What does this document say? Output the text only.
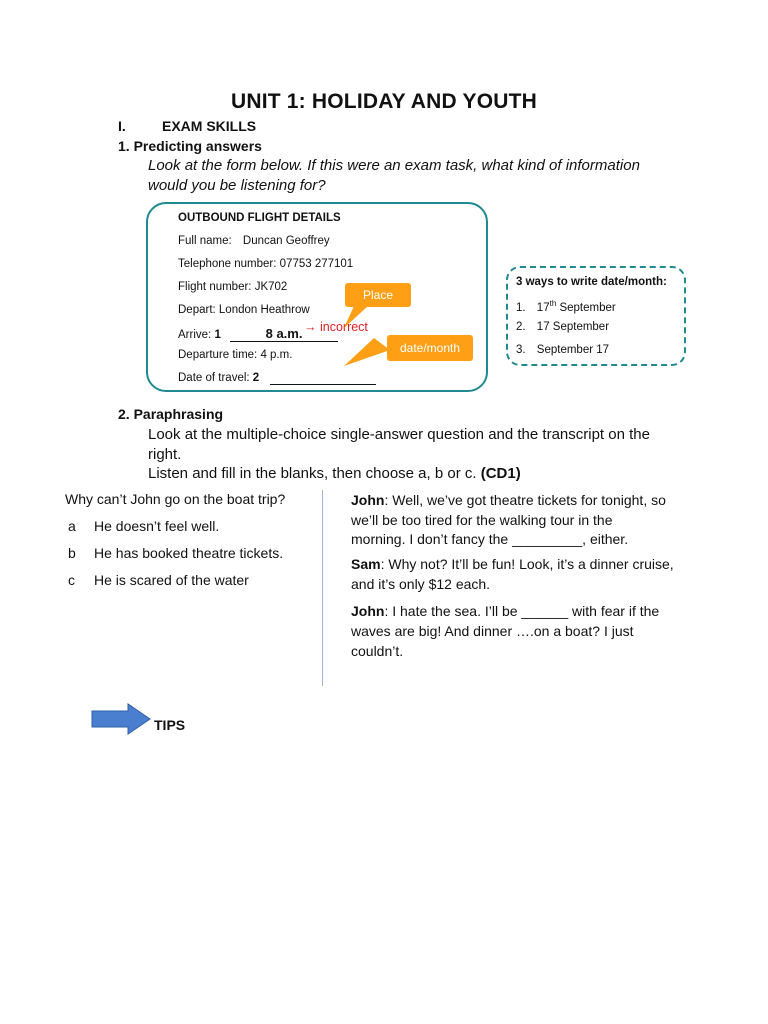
UNIT 1: HOLIDAY AND YOUTH
I.	EXAM SKILLS
1. Predicting answers
Look at the form below. If this were an exam task, what kind of information
would you be listening for?
OUTBOUND FLIGHT DETAILS
Full name: Duncan Geoffrey
Telephone number: 07753 277101
Flight number: JK702
Depart: London Heathrow
Arrive: 1	8 a.m.
Departure time: 4 p.m.
Date of travel: 2
→ incorrect
Place
date/month
3 ways to write date/month:
1. 17th September
2. 17 September
3. September 17
2. Paraphrasing
Look at the multiple-choice single-answer question and the transcript on the
right.
Listen and fill in the blanks, then choose a, b or c. (CD1)
Why can’t John go on the boat trip?
a He doesn’t feel well.
b He has booked theatre tickets.
c He is scared of the water
John: Well, we’ve got theatre tickets for tonight, so
we’ll be too tired for the walking tour in the
morning. I don’t fancy the _________, either.
Sam: Why not? It’ll be fun! Look, it’s a dinner cruise,
and it’s only $12 each.
John: I hate the sea. I’ll be ______ with fear if the
waves are big! And dinner ….on a boat? I just
couldn’t.
TIPS
